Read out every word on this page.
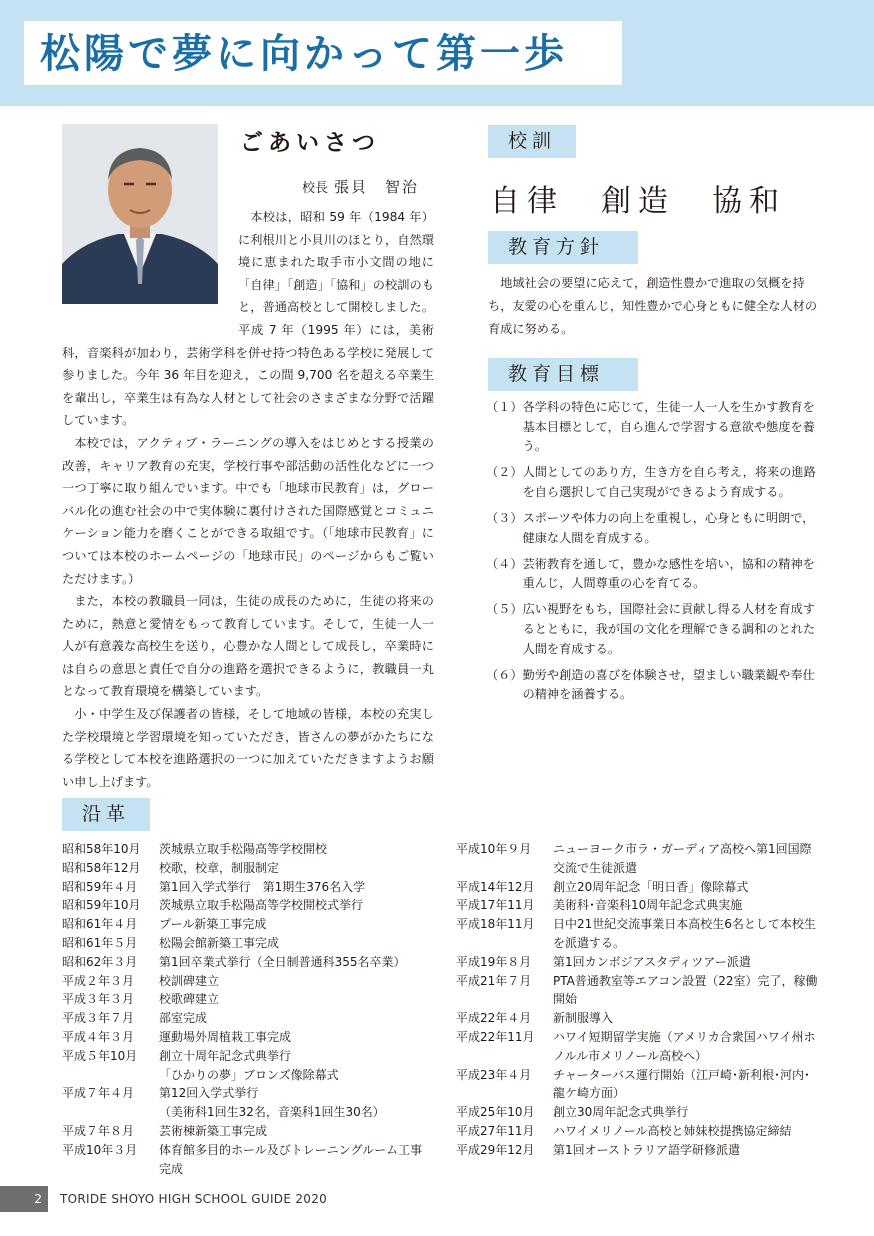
松陽で夢に向かって第一歩
ごあいさつ
校長 張貝　智治

本校は，昭和 59 年（1984 年）に利根川と小貝川のほとり，自然環境に恵まれた取手市小文間の地に「自律」「創造」「協和」の校訓のもと，普通高校として開校しました。平成 7 年（1995 年）には，美術科，音楽科が加わり，芸術学科を併せ持つ特色ある学校に発展して参りました。今年 36 年目を迎え，この間 9,700 名を超える卒業生を輩出し，卒業生は有為な人材として社会のさまざまな分野で活躍しています。

本校では，アクティブ・ラーニングの導入をはじめとする授業の改善，キャリア教育の充実，学校行事や部活動の活性化などに一つ一つ丁寧に取り組んでいます。中でも「地球市民教育」は，グローバル化の進む社会の中で実体験に裏付けされた国際感覚とコミュニケーション能力を磨くことができる取組です。（「地球市民教育」については本校のホームページの「地球市民」のページからもご覧いただけます。）

また，本校の教職員一同は，生徒の成長のために，生徒の将来のために，熱意と愛情をもって教育しています。そして，生徒一人一人が有意義な高校生を送り，心豊かな人間として成長し，卒業時には自らの意思と責任で自分の進路を選択できるように，教職員一丸となって教育環境を構築しています。

小・中学生及び保護者の皆様，そして地域の皆様，本校の充実した学校環境と学習環境を知っていただき，皆さんの夢がかたちになる学校として本校を進路選択の一つに加えていただきますようお願い申し上げます。

校訓
自律　創造　協和
教育方針

地域社会の要望に応えて，創造性豊かで進取の気概を持ち，友愛の心を重んじ，知性豊かで心身ともに健全な人材の育成に努める。

教育目標
（１） 各学科の特色に応じて，生徒一人一人を生かす教育を基本目標として，自ら進んで学習する意欲や態度を養う。
（２） 人間としてのあり方，生き方を自ら考え，将来の進路を自ら選択して自己実現ができるよう育成する。
（３） スポーツや体力の向上を重視し，心身ともに明朗で，健康な人間を育成する。
（４） 芸術教育を通して，豊かな感性を培い，協和の精神を重んじ，人間尊重の心を育てる。
（５） 広い視野をもち，国際社会に貢献し得る人材を育成するとともに，我が国の文化を理解できる調和のとれた人間を育成する。
（６） 勤労や創造の喜びを体験させ，望ましい職業観や奉仕の精神を涵養する。
沿革
昭和58年10月	茨城県立取手松陽高等学校開校
昭和58年12月	校歌，校章，制服制定
昭和59年４月	第1回入学式挙行　第1期生376名入学
昭和59年10月	茨城県立取手松陽高等学校開校式挙行
昭和61年４月	プール新築工事完成
昭和61年５月	松陽会館新築工事完成
昭和62年３月	第1回卒業式挙行（全日制普通科355名卒業）
平成２年３月	校訓碑建立
平成３年３月	校歌碑建立
平成３年７月	部室完成
平成４年３月	運動場外周植栽工事完成
平成５年10月	創立十周年記念式典挙行
「ひかりの夢」ブロンズ像除幕式
平成７年４月	第12回入学式挙行
（美術科1回生32名，音楽科1回生30名）
平成７年８月	芸術棟新築工事完成
平成10年３月	体育館多目的ホール及びトレーニングルーム工事完成
平成10年９月	ニューヨーク市ラ・ガーディア高校へ第1回国際交流で生徒派遣
平成14年12月	創立20周年記念「明日香」像除幕式
平成17年11月	美術科･音楽科10周年記念式典実施
平成18年11月	日中21世紀交流事業日本高校生6名として本校生を派遣する。
平成19年８月	第1回カンボジアスタディツアー派遣
平成21年７月	PTA普通教室等エアコン設置（22室）完了，稼働開始
平成22年４月	新制服導入
平成22年11月	ハワイ短期留学実施（アメリカ合衆国ハワイ州ホノルル市メリノール高校へ）
平成23年４月	チャーターバス運行開始（江戸崎･新利根･河内･龍ケ崎方面）
平成25年10月	創立30周年記念式典挙行
平成27年11月	ハワイメリノール高校と姉妹校提携協定締結
平成29年12月	第1回オーストラリア語学研修派遣
2	TORIDE SHOYO HIGH SCHOOL GUIDE 2020
